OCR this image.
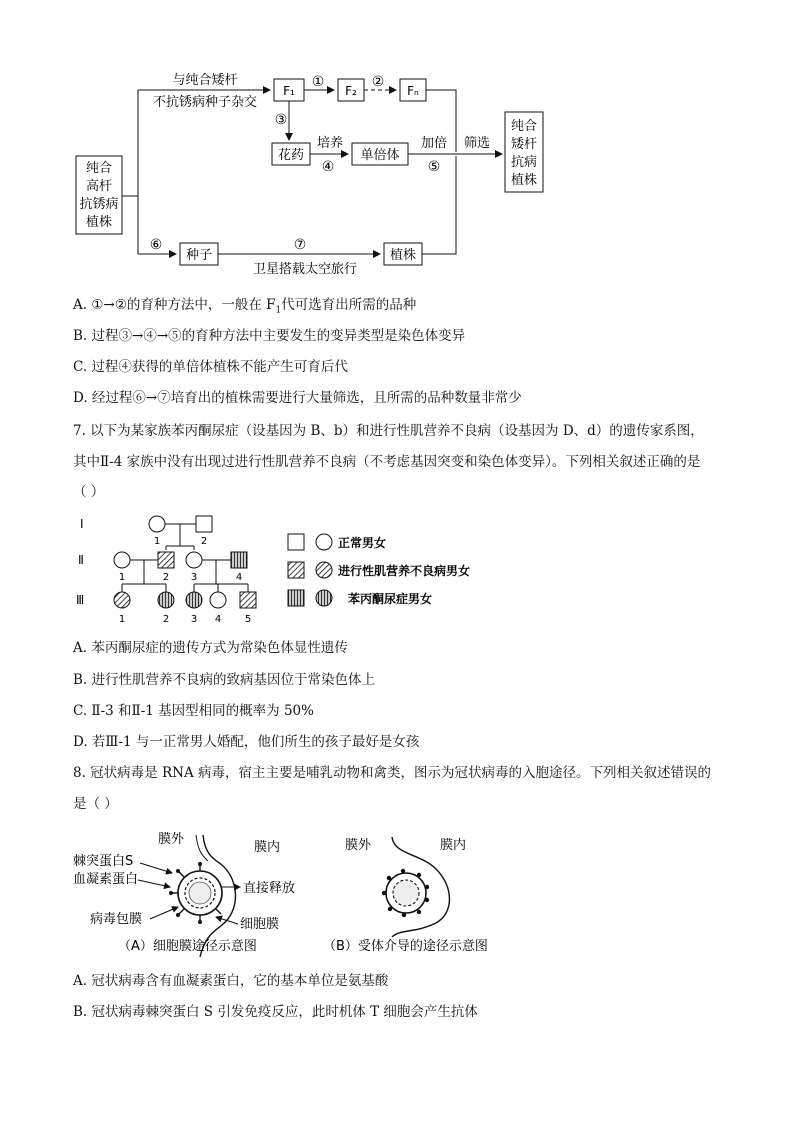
纯合
高杆
抗锈病
植株
与纯合矮杆
不抗锈病种子杂交
F₁
①
F₂
②
Fₙ
③
花药
培养
④
单倍体
加倍
⑤
筛选
纯合
矮杆
抗病
植株
⑥
种子
⑦
卫星搭载太空旅行
植株
A. ①→②的育种方法中，一般在 $F_1$代可选育出所需的品种
B. 过程③→④→⑤的育种方法中主要发生的变异类型是染色体变异
C. 过程④获得的单倍体植株不能产生可育后代
D. 经过程⑥→⑦培育出的植株需要进行大量筛选，且所需的品种数量非常少
7. 以下为某家族苯丙酮尿症（设基因为 B、b）和进行性肌营养不良病（设基因为 D、d）的遗传家系图，
其中Ⅱ-4 家族中没有出现过进行性肌营养不良病（不考虑基因突变和染色体变异）。下列相关叙述正确的是
（ ）
Ⅰ
Ⅱ
Ⅲ
1	2
1	2 3	4
1	2 3 4 5
正常男女
进行性肌营养不良病男女
苯丙酮尿症男女
A. 苯丙酮尿症的遗传方式为常染色体显性遗传
B. 进行性肌营养不良病的致病基因位于常染色体上
C. Ⅱ-3 和Ⅱ-1 基因型相同的概率为 50%
D. 若Ⅲ-1 与一正常男人婚配，他们所生的孩子最好是女孩
8. 冠状病毒是 RNA 病毒，宿主主要是哺乳动物和禽类，图示为冠状病毒的入胞途径。下列相关叙述错误的
是（ ）
膜外
膜内
直接释放
棘突蛋白S
血凝素蛋白
病毒包膜	细胞膜
（A）细胞膜途径示意图
膜外	膜内
（B）受体介导的途径示意图
A. 冠状病毒含有血凝素蛋白，它的基本单位是氨基酸
B. 冠状病毒棘突蛋白 S 引发免疫反应，此时机体 T 细胞会产生抗体
